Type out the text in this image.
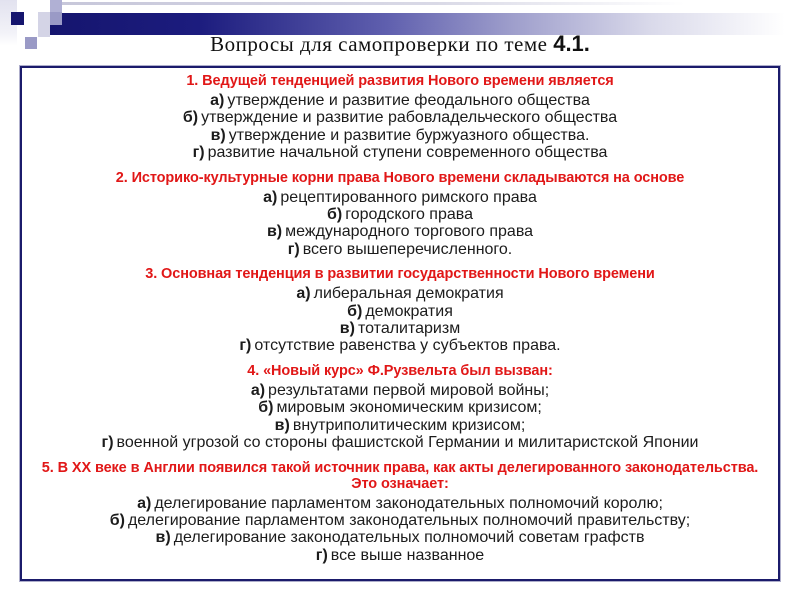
Вопросы для самопроверки по теме 4.1.
1. Ведущей тенденцией развития Нового времени является
а) утверждение и развитие феодального общества
б) утверждение и развитие рабовладельческого общества
в) утверждение и развитие буржуазного общества.
г) развитие начальной ступени современного общества
2. Историко-культурные корни права Нового времени складываются на основе
а) рецептированного римского права
б) городского права
в) международного торгового права
г) всего вышеперечисленного.
3. Основная тенденция в развитии государственности Нового времени
а) либеральная демократия
б) демократия
в) тоталитаризм
г) отсутствие равенства у субъектов права.
4. «Новый курс» Ф.Рузвельта был вызван:
а) результатами первой мировой войны;
б) мировым экономическим кризисом;
в) внутриполитическим кризисом;
г) военной угрозой со стороны фашистской Германии и милитаристской Японии
5. В ХХ веке в Англии появился такой источник права, как акты делегированного законодательства. Это означает:
а) делегирование парламентом законодательных полномочий королю;
б) делегирование парламентом законодательных полномочий правительству;
в) делегирование законодательных полномочий советам графств
г) все выше названное
